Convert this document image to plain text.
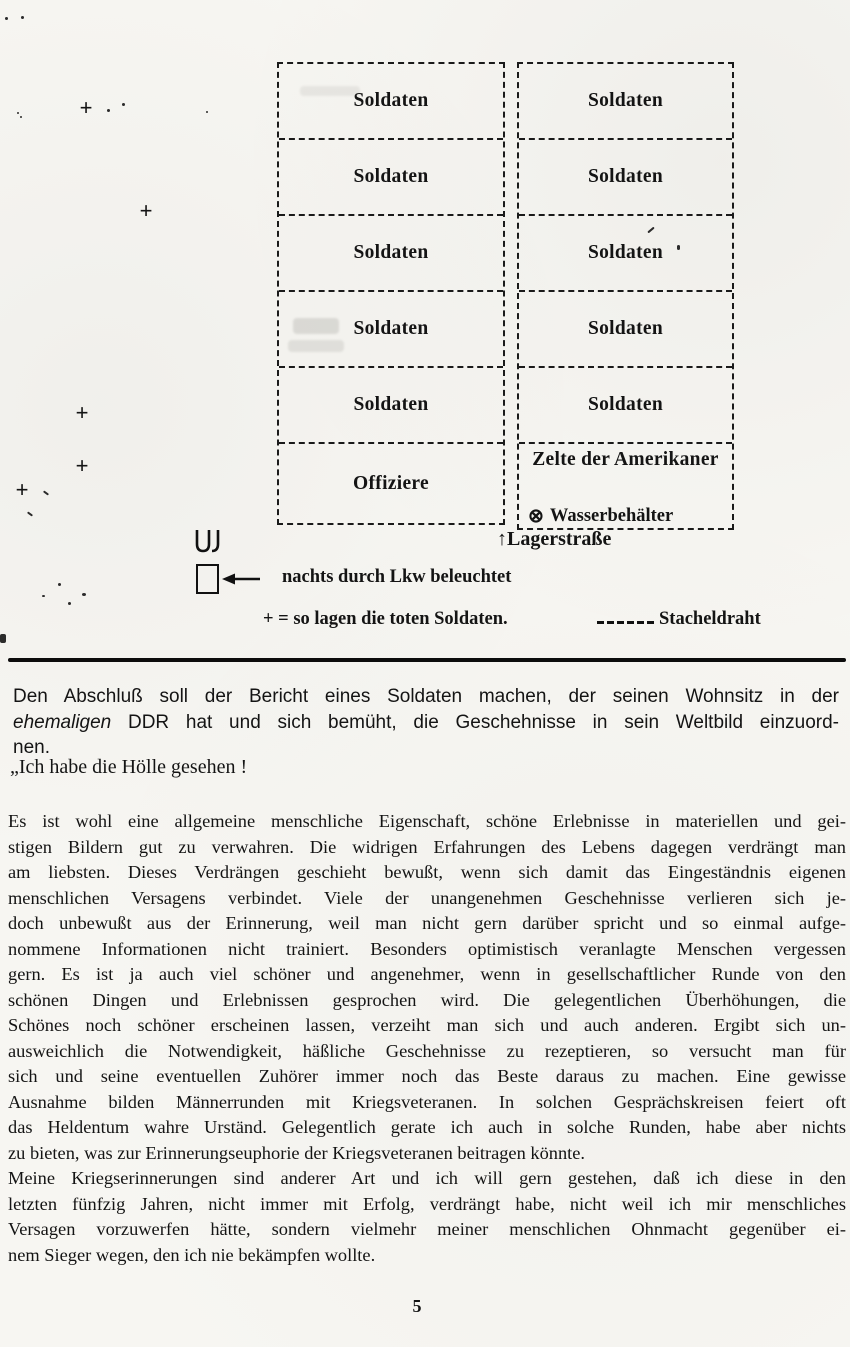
Soldaten
Soldaten
Soldaten
Soldaten
Soldaten
Offiziere
Soldaten
Soldaten
Soldaten
Soldaten
Soldaten
Zelte der Amerikaner
⊗ Wasserbehälter
↑ Lagerstraße
+
+
+
+
+
nachts durch Lkw beleuchtet
+ = so lagen die toten Soldaten.	Stacheldraht
Den Abschluß soll der Bericht eines Soldaten machen, der seinen Wohnsitz in der
ehemaligen DDR hat und sich bemüht, die Geschehnisse in sein Weltbild einzuord-
nen.
„Ich habe die Hölle gesehen !
Es ist wohl eine allgemeine menschliche Eigenschaft, schöne Erlebnisse in materiellen und gei-
stigen Bildern gut zu verwahren. Die widrigen Erfahrungen des Lebens dagegen verdrängt man
am liebsten. Dieses Verdrängen geschieht bewußt, wenn sich damit das Eingeständnis eigenen
menschlichen Versagens verbindet. Viele der unangenehmen Geschehnisse verlieren sich je-
doch unbewußt aus der Erinnerung, weil man nicht gern darüber spricht und so einmal aufge-
nommene Informationen nicht trainiert. Besonders optimistisch veranlagte Menschen vergessen
gern. Es ist ja auch viel schöner und angenehmer, wenn in gesellschaftlicher Runde von den
schönen Dingen und Erlebnissen gesprochen wird. Die gelegentlichen Überhöhungen, die
Schönes noch schöner erscheinen lassen, verzeiht man sich und auch anderen. Ergibt sich un-
ausweichlich die Notwendigkeit, häßliche Geschehnisse zu rezeptieren, so versucht man für
sich und seine eventuellen Zuhörer immer noch das Beste daraus zu machen. Eine gewisse
Ausnahme bilden Männerrunden mit Kriegsveteranen. In solchen Gesprächskreisen feiert oft
das Heldentum wahre Urständ. Gelegentlich gerate ich auch in solche Runden, habe aber nichts
zu bieten, was zur Erinnerungseuphorie der Kriegsveteranen beitragen könnte.
Meine Kriegserinnerungen sind anderer Art und ich will gern gestehen, daß ich diese in den
letzten fünfzig Jahren, nicht immer mit Erfolg, verdrängt habe, nicht weil ich mir menschliches
Versagen vorzuwerfen hätte, sondern vielmehr meiner menschlichen Ohnmacht gegenüber ei-
nem Sieger wegen, den ich nie bekämpfen wollte.
5
